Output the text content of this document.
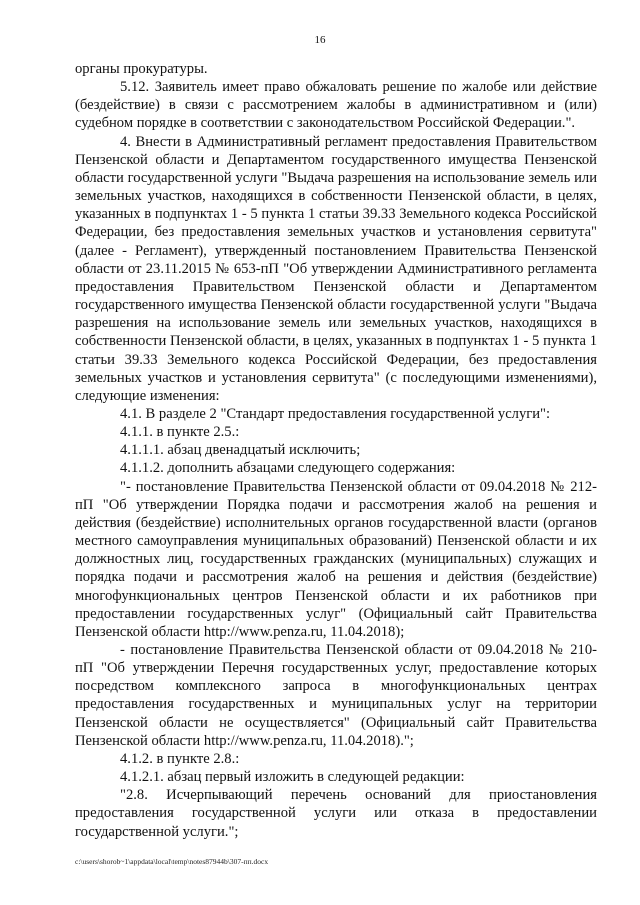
16

органы прокуратуры.

5.12. Заявитель имеет право обжаловать решение по жалобе или действие (бездействие) в связи с рассмотрением жалобы в административном и (или) судебном порядке в соответствии с законодательством Российской Федерации.".

4. Внести в Административный регламент предоставления Правительством Пензенской области и Департаментом государственного имущества Пензенской области государственной услуги "Выдача разрешения на использование земель или земельных участков, находящихся в собственности Пензенской области, в целях, указанных в подпунктах 1 - 5 пункта 1 статьи 39.33 Земельного кодекса Российской Федерации, без предоставления земельных участков и установления сервитута" (далее - Регламент), утвержденный постановлением Правительства Пензенской области от 23.11.2015 № 653-пП "Об утверждении Административного регламента предоставления Правительством Пензенской области и Департаментом государственного имущества Пензенской области государственной услуги "Выдача разрешения на использование земель или земельных участков, находящихся в собственности Пензенской области, в целях, указанных в подпунктах 1 - 5 пункта 1 статьи 39.33 Земельного кодекса Российской Федерации, без предоставления земельных участков и установления сервитута" (с последующими изменениями), следующие изменения:

4.1. В разделе 2 "Стандарт предоставления государственной услуги":

4.1.1. в пункте 2.5.:

4.1.1.1. абзац двенадцатый исключить;

4.1.1.2. дополнить абзацами следующего содержания:

"- постановление Правительства Пензенской области от 09.04.2018 № 212-пП "Об утверждении Порядка подачи и рассмотрения жалоб на решения и действия (бездействие) исполнительных органов государственной власти (органов местного самоуправления муниципальных образований) Пензенской области и их должностных лиц, государственных гражданских (муниципальных) служащих и порядка подачи и рассмотрения жалоб на решения и действия (бездействие) многофункциональных центров Пензенской области и их работников при предоставлении государственных услуг" (Официальный сайт Правительства Пензенской области http://www.penza.ru, 11.04.2018);

- постановление Правительства Пензенской области от 09.04.2018 № 210-пП "Об утверждении Перечня государственных услуг, предоставление которых посредством комплексного запроса в многофункциональных центрах предоставления государственных и муниципальных услуг на территории Пензенской области не осуществляется" (Официальный сайт Правительства Пензенской области http://www.penza.ru, 11.04.2018).";

4.1.2. в пункте 2.8.:

4.1.2.1. абзац первый изложить в следующей редакции:

"2.8. Исчерпывающий перечень оснований для приостановления предоставления государственной услуги или отказа в предоставлении государственной услуги.";

c:\users\shorob~1\appdata\local\temp\notes87944b\307-пп.docx
